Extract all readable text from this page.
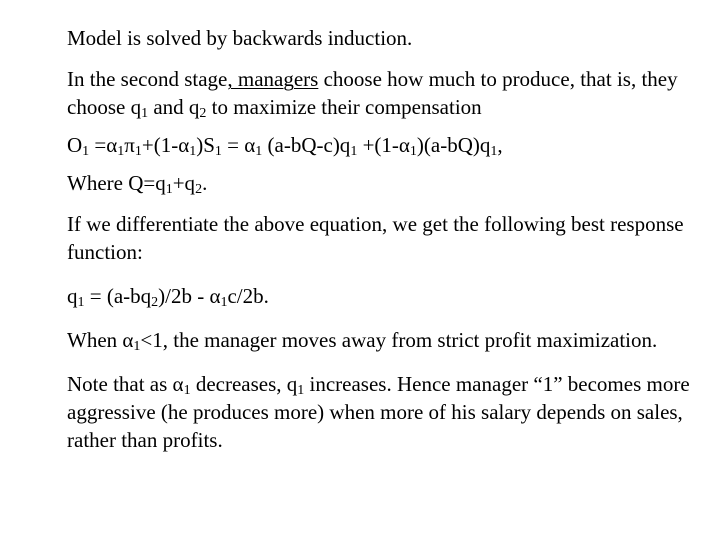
Model is solved by backwards induction.

In the second stage, managers choose how much to produce, that is, they choose $q_1$ and $q_2$ to maximize their compensation

$O_1 =\alpha_1\pi_1+(1-\alpha_1)S_1 = \alpha_1$ $(a-bQ-c)q_1 +(1-\alpha_1)(a-bQ)q_1$,

Where $Q=q_1+q_2$.

If we differentiate the above equation, we get the following best response function:

$q_1 = (a-bq_2)/2b - \alpha_1c/2b$.

When $\alpha_1<1$, the manager moves away from strict profit maximization.

Note that as $\alpha_1$ decreases, $q_1$ increases. Hence manager “1” becomes more aggressive (he produces more) when more of his salary depends on sales, rather than profits.
